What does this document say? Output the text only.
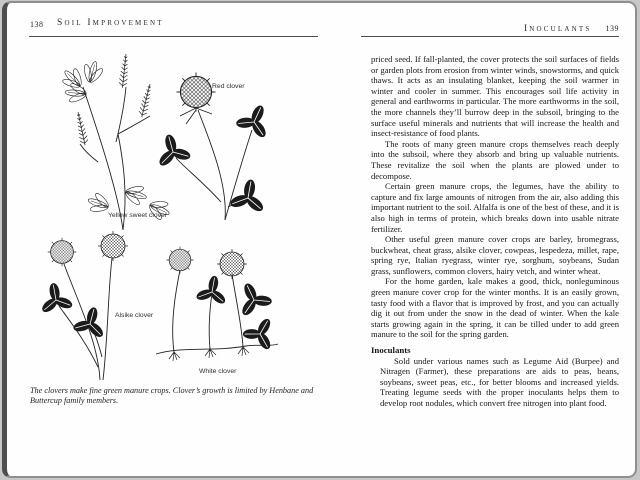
138 Soil Improvement
Inoculants 139
Red clover
Yellow sweet clover
Alsike clover
White clover
The clovers make fine green manure crops. Clover’s growth is limited by Henbane and Buttercup family members.

priced seed. If fall-planted, the cover protects the soil surfaces of fields or garden plots from erosion from winter winds, snowstorms, and quick thaws. It acts as an insulating blanket, keeping the soil warmer in winter and cooler in summer. This encourages soil life activity in general and earthworms in particular. The more earthworms in the soil, the more channels they’ll burrow deep in the subsoil, bringing to the surface useful minerals and nutrients that will increase the health and insect-resistance of food plants.

The roots of many green manure crops themselves reach deeply into the subsoil, where they absorb and bring up valuable nutrients. These revitalize the soil when the plants are plowed under to decompose.

Certain green manure crops, the legumes, have the ability to capture and fix large amounts of nitrogen from the air, also adding this important nutrient to the soil. Alfalfa is one of the best of these, and it is also high in terms of protein, which breaks down into usable nitrate fertilizer.

Other useful green manure cover crops are barley, bromegrass, buckwheat, cheat grass, alsike clover, cowpeas, lespedeza, millet, rape, spring rye, Italian ryegrass, winter rye, sorghum, soybeans, Sudan grass, sunflowers, common clovers, hairy vetch, and winter wheat.

For the home garden, kale makes a good, thick, nonleguminous green manure cover crop for the winter months. It is an easily grown, tasty food with a flavor that is improved by frost, and you can actually dig it out from under the snow in the dead of winter. When the kale starts growing again in the spring, it can be tilled under to add green manure to the soil for the spring garden.

Inoculants

Sold under various names such as Legume Aid (Burpee) and Nitragen (Farmer), these preparations are aids to peas, beans, soybeans, sweet peas, etc., for better blooms and increased yields. Treating legume seeds with the proper inoculants helps them to develop root nodules, which convert free nitrogen into plant food.
